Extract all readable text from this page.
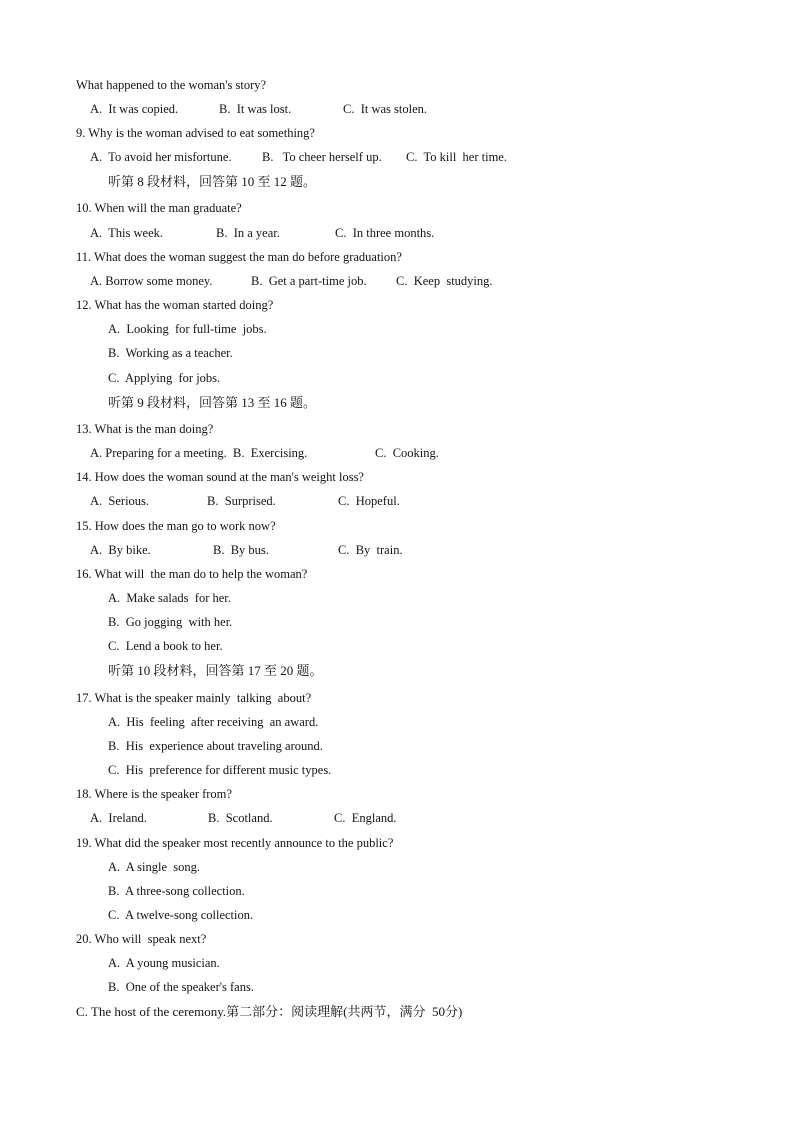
What happened to the woman's story?
A.  It was copied.	B.  It was lost.	C.  It was stolen.
9. Why is the woman advised to eat something?
A.  To avoid her misfortune. B.   To cheer herself up. C.  To kill  her time.
听第 8 段材料，回答第 10 至 12 题。
10. When will the man graduate?
A.  This week.	B.  In a year.	C.  In three months.
11. What does the woman suggest the man do before graduation?
A. Borrow some money.	B.  Get a part-time job. C.  Keep  studying.
12. What has the woman started doing?
A.  Looking  for full-time  jobs.
B.  Working as a teacher.
C.  Applying  for jobs.
听第 9 段材料，回答第 13 至 16 题。
13. What is the man doing?
A. Preparing for a meeting.  B.  Exercising.	C.  Cooking.
14. How does the woman sound at the man's weight loss?
A.  Serious.	B.  Surprised.	C.  Hopeful.
15. How does the man go to work now?
A.  By bike.	B.  By bus.	C.  By  train.
16. What will  the man do to help the woman?
A.  Make salads  for her.
B.  Go jogging  with her.
C.  Lend a book to her.
听第 10 段材料，回答第 17 至 20 题。
17. What is the speaker mainly  talking  about?
A.  His  feeling  after receiving  an award.
B.  His  experience about traveling around.
C.  His  preference for different music types.
18. Where is the speaker from?
A.  Ireland.	B.  Scotland.	C.  England.
19. What did the speaker most recently announce to the public?
A.  A single  song.
B.  A three-song collection.
C.  A twelve-song collection.
20. Who will  speak next?
A.  A young musician.
B.  One of the speaker's fans.
C. The host of the ceremony.第二部分：阅读理解(共两节，满分  50分)
